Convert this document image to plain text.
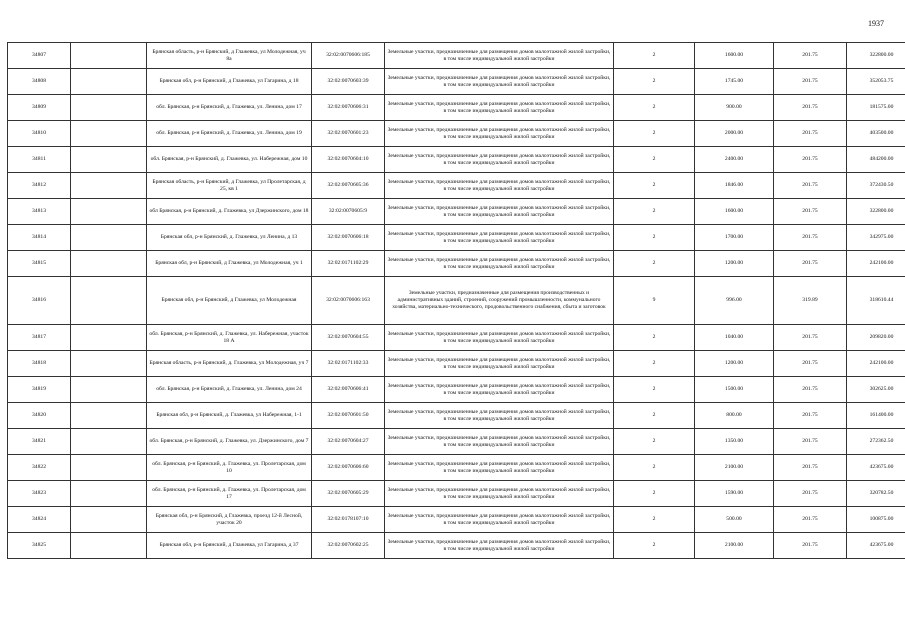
1937
34807		Брянская область, р-н Брянский, д Глажевка, ул Молодежная, уч 8а	32:02:0070606:185	Земельные участки, предназначенные для размещения домов малоэтажной жилой застройки, в том числе индивидуальной жилой застройки	2	1600.00	201.75	322800.00
34808		Брянская обл, р-н Брянский, д Глажевка, ул Гагарина, д 18	32:02:0070603:39	Земельные участки, предназначенные для размещения домов малоэтажной жилой застройки, в том числе индивидуальной жилой застройки	2	1745.00	201.75	352053.75
34809		обл. Брянская, р-н Брянский, д. Глажевка, ул. Ленина, дом 17	32:02:0070606:31	Земельные участки, предназначенные для размещения домов малоэтажной жилой застройки, в том числе индивидуальной жилой застройки	2	900.00	201.75	181575.00
34810		обл. Брянская, р-н Брянский, д. Глажевка, ул. Ленина, дом 19	32:02:0070601:23	Земельные участки, предназначенные для размещения домов малоэтажной жилой застройки, в том числе индивидуальной жилой застройки	2	2000.00	201.75	403500.00
34811		обл. Брянская, р-н Брянский, д. Глажевка, ул. Набережная, дом 10	32:02:0070604:10	Земельные участки, предназначенные для размещения домов малоэтажной жилой застройки, в том числе индивидуальной жилой застройки	2	2400.00	201.75	484200.00
34812		Брянская область, р-н Брянский, д Глажевка, ул Пролетарская, д 25, кв 1	32:02:0070605:36	Земельные участки, предназначенные для размещения домов малоэтажной жилой застройки, в том числе индивидуальной жилой застройки	2	1846.00	201.75	372430.50
34813		обл Брянская, р-н Брянский, д. Глажевка, ул Дзержинского, дом 18	32:02:0070605:9	Земельные участки, предназначенные для размещения домов малоэтажной жилой застройки, в том числе индивидуальной жилой застройки	2	1600.00	201.75	322800.00
34814		Брянская обл, р-н Брянский, д. Глажевка, ул Ленина, д 13	32:02:0070606:18	Земельные участки, предназначенные для размещения домов малоэтажной жилой застройки, в том числе индивидуальной жилой застройки	2	1700.00	201.75	342975.00
34815		Брянская обл, р-н Брянский, д Глажевка, ул Молодежная, уч 1	32:02:0171102:29	Земельные участки, предназначенные для размещения домов малоэтажной жилой застройки, в том числе индивидуальной жилой застройки	2	1200.00	201.75	242100.00
34816		Брянская обл, р-н Брянский, д Глажевка, ул Молодежная	32:02:0070606:163	Земельные участки, предназначенные для размещения производственных и административных зданий, строений, сооружений промышленности, коммунального хозяйства, материально-технического, продовольственного снабжения, сбыта и заготовок	9	996.00	319.89	318610.44
34817		обл. Брянская, р-н Брянский, д. Глажевка, ул. Набережная, участок 18 А	32:02:0070604:55	Земельные участки, предназначенные для размещения домов малоэтажной жилой застройки, в том числе индивидуальной жилой застройки	2	1040.00	201.75	209820.00
34818		Брянская область, р-н Брянский, д. Глажевка, ул Молодежная, уч 7	32:02:0171102:33	Земельные участки, предназначенные для размещения домов малоэтажной жилой застройки, в том числе индивидуальной жилой застройки	2	1200.00	201.75	242100.00
34819		обл. Брянская, р-н Брянский, д. Глажевка, ул. Ленина, дом 24	32:02:0070606:41	Земельные участки, предназначенные для размещения домов малоэтажной жилой застройки, в том числе индивидуальной жилой застройки	2	1500.00	201.75	302625.00
34820		Брянская обл, р-н Брянский, д. Глажевка, ул Набережная, 1-1	32:02:0070601:50	Земельные участки, предназначенные для размещения домов малоэтажной жилой застройки, в том числе индивидуальной жилой застройки	2	800.00	201.75	161400.00
34821		обл. Брянская, р-н Брянский, д. Глажевка, ул. Дзержинского, дом 7	32:02:0070604:27	Земельные участки, предназначенные для размещения домов малоэтажной жилой застройки, в том числе индивидуальной жилой застройки	2	1350.00	201.75	272362.50
34822		обл. Брянская, р-н Брянский, д. Глажевка, ул. Пролетарская, дом 10	32:02:0070606:60	Земельные участки, предназначенные для размещения домов малоэтажной жилой застройки, в том числе индивидуальной жилой застройки	2	2100.00	201.75	423675.00
34823		обл. Брянская, р-н Брянский, д. Глажевка, ул. Пролетарская, дом 17	32:02:0070605:29	Земельные участки, предназначенные для размещения домов малоэтажной жилой застройки, в том числе индивидуальной жилой застройки	2	1590.00	201.75	320782.50
34824		Брянская обл, р-н Брянский, д Глажевка, проезд 12-й Лесной, участок 20	32:02:0178107:10	Земельные участки, предназначенные для размещения домов малоэтажной жилой застройки, в том числе индивидуальной жилой застройки	2	500.00	201.75	100875.00
34825		Брянская обл, р-н Брянский, д Глажевка, ул Гагарина, д 37	32:02:0070602:25	Земельные участки, предназначенные для размещения домов малоэтажной жилой застройки, в том числе индивидуальной жилой застройки	2	2100.00	201.75	423675.00
